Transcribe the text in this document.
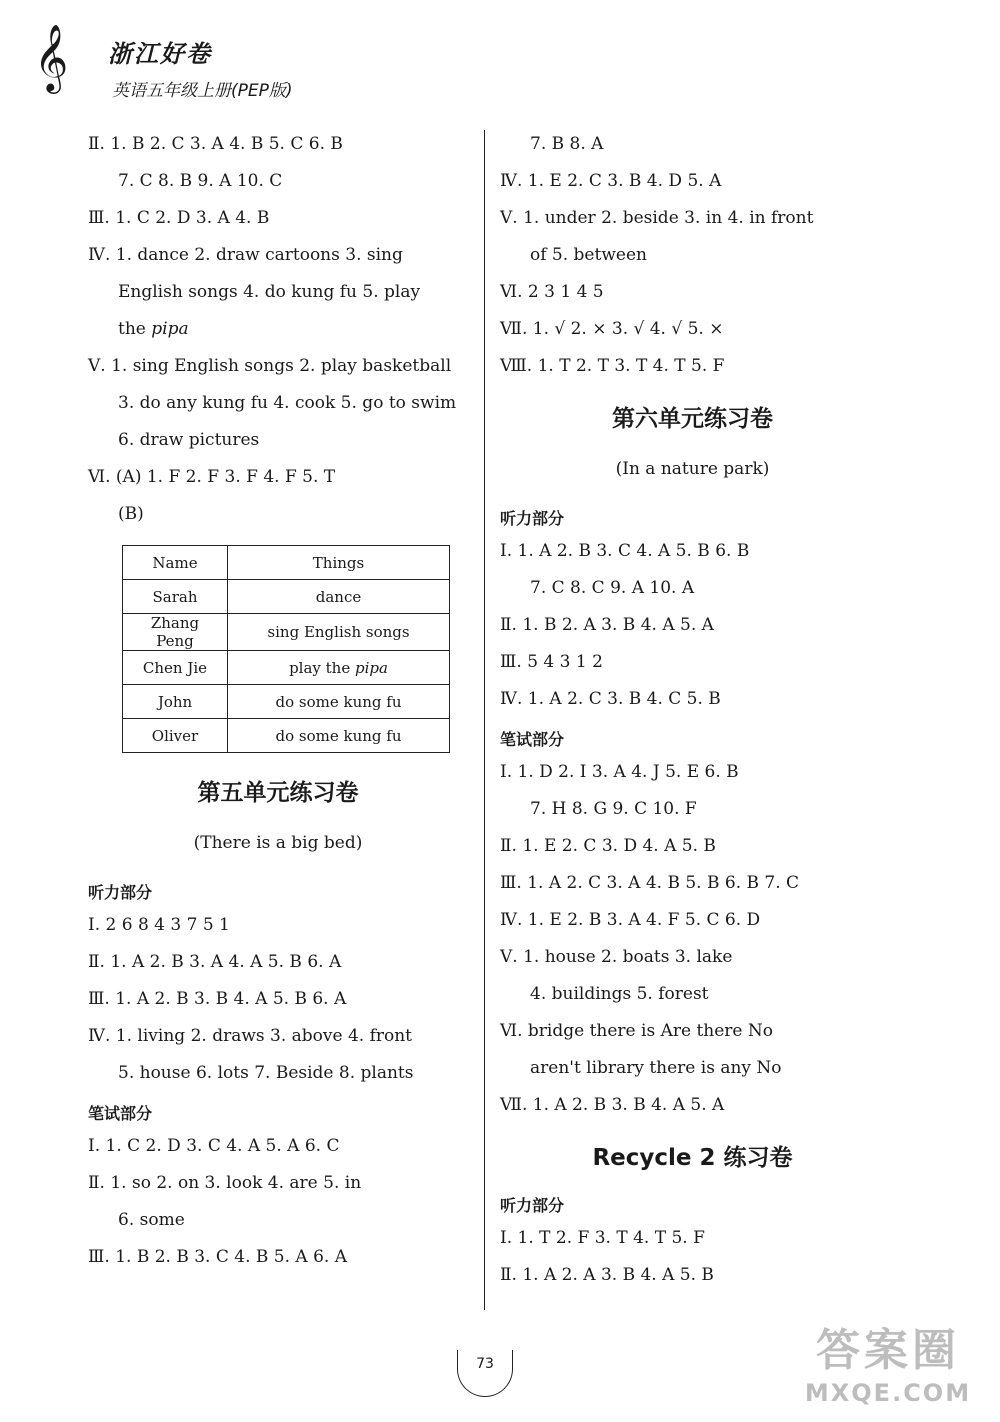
𝄞 浙江好卷
英语五年级上册(PEP版)
Ⅱ. 1. B 2. C 3. A 4. B 5. C 6. B
7. C 8. B 9. A 10. C
Ⅲ. 1. C 2. D 3. A 4. B
Ⅳ. 1. dance 2. draw cartoons 3. sing
English songs 4. do kung fu 5. play
the pipa
Ⅴ. 1. sing English songs 2. play basketball
3. do any kung fu 4. cook 5. go to swim
6. draw pictures
Ⅵ. (A) 1. F 2. F 3. F 4. F 5. T
(B)
Name	Things
Sarah	dance
Zhang Peng	sing English songs
Chen Jie	play the pipa
John	do some kung fu
Oliver	do some kung fu
第五单元练习卷
(There is a big bed)
听力部分
Ⅰ. 2 6 8 4 3 7 5 1
Ⅱ. 1. A 2. B 3. A 4. A 5. B 6. A
Ⅲ. 1. A 2. B 3. B 4. A 5. B 6. A
Ⅳ. 1. living 2. draws 3. above 4. front
5. house 6. lots 7. Beside 8. plants
笔试部分
Ⅰ. 1. C 2. D 3. C 4. A 5. A 6. C
Ⅱ. 1. so 2. on 3. look 4. are 5. in
6. some
Ⅲ. 1. B 2. B 3. C 4. B 5. A 6. A
7. B 8. A
Ⅳ. 1. E 2. C 3. B 4. D 5. A
Ⅴ. 1. under 2. beside 3. in 4. in front
of 5. between
Ⅵ. 2 3 1 4 5
Ⅶ. 1. √ 2. × 3. √ 4. √ 5. ×
Ⅷ. 1. T 2. T 3. T 4. T 5. F
第六单元练习卷
(In a nature park)
听力部分
Ⅰ. 1. A 2. B 3. C 4. A 5. B 6. B
7. C 8. C 9. A 10. A
Ⅱ. 1. B 2. A 3. B 4. A 5. A
Ⅲ. 5 4 3 1 2
Ⅳ. 1. A 2. C 3. B 4. C 5. B
笔试部分
Ⅰ. 1. D 2. I 3. A 4. J 5. E 6. B
7. H 8. G 9. C 10. F
Ⅱ. 1. E 2. C 3. D 4. A 5. B
Ⅲ. 1. A 2. C 3. A 4. B 5. B 6. B 7. C
Ⅳ. 1. E 2. B 3. A 4. F 5. C 6. D
Ⅴ. 1. house 2. boats 3. lake
4. buildings 5. forest
Ⅵ. bridge there is Are there No
aren't library there is any No
Ⅶ. 1. A 2. B 3. B 4. A 5. A
Recycle 2 练习卷
听力部分
Ⅰ. 1. T 2. F 3. T 4. T 5. F
Ⅱ. 1. A 2. A 3. B 4. A 5. B
73	答案圈
MXQE.COM
